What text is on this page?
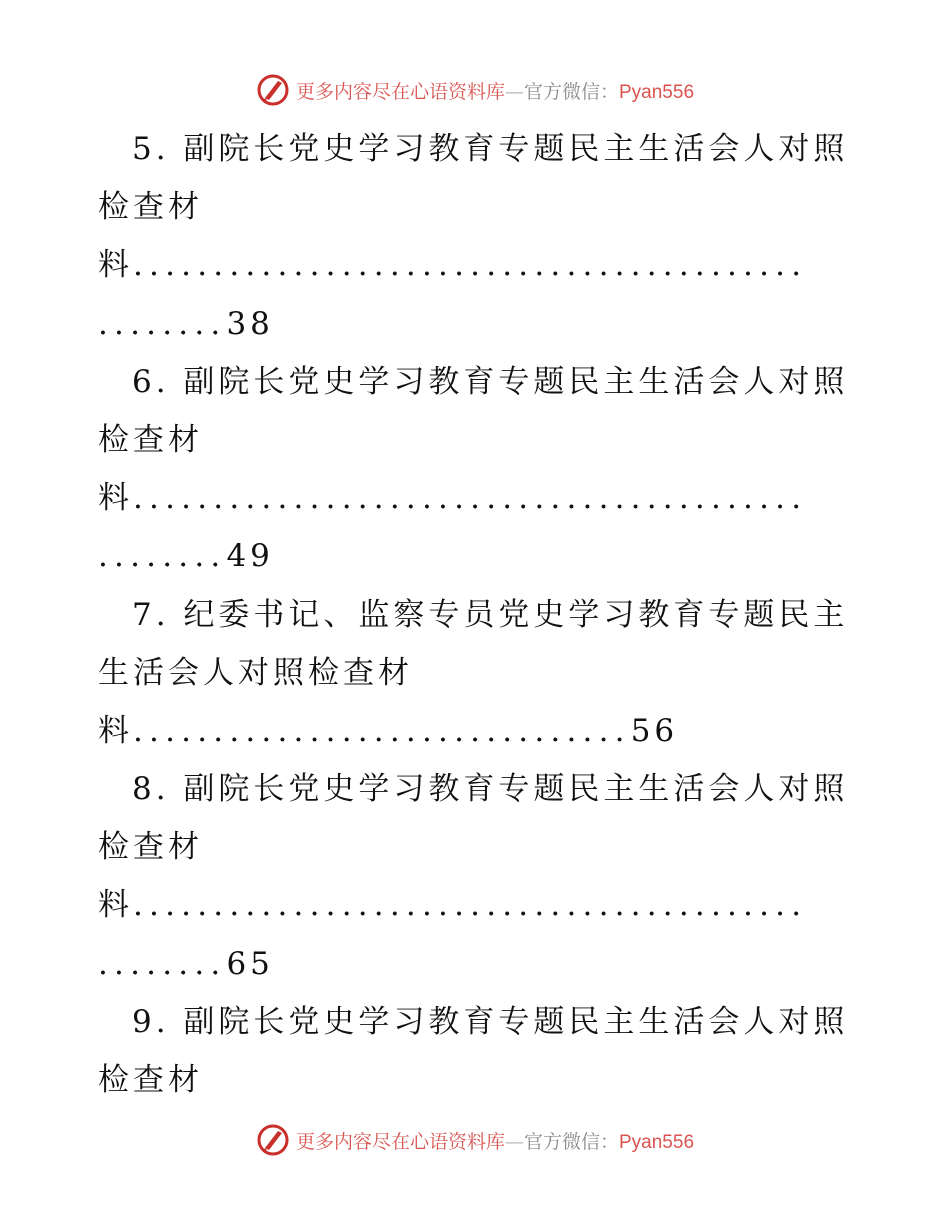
更多内容尽在心语资料库—官方微信：Pyan556
5. 副院长党史学习教育专题民主生活会人对照
检查材
料..........................................
........38
6. 副院长党史学习教育专题民主生活会人对照
检查材
料..........................................
........49
7. 纪委书记、监察专员党史学习教育专题民主
生活会人对照检查材
料...............................56
8. 副院长党史学习教育专题民主生活会人对照
检查材
料..........................................
........65
9. 副院长党史学习教育专题民主生活会人对照
检查材
更多内容尽在心语资料库—官方微信：Pyan556
